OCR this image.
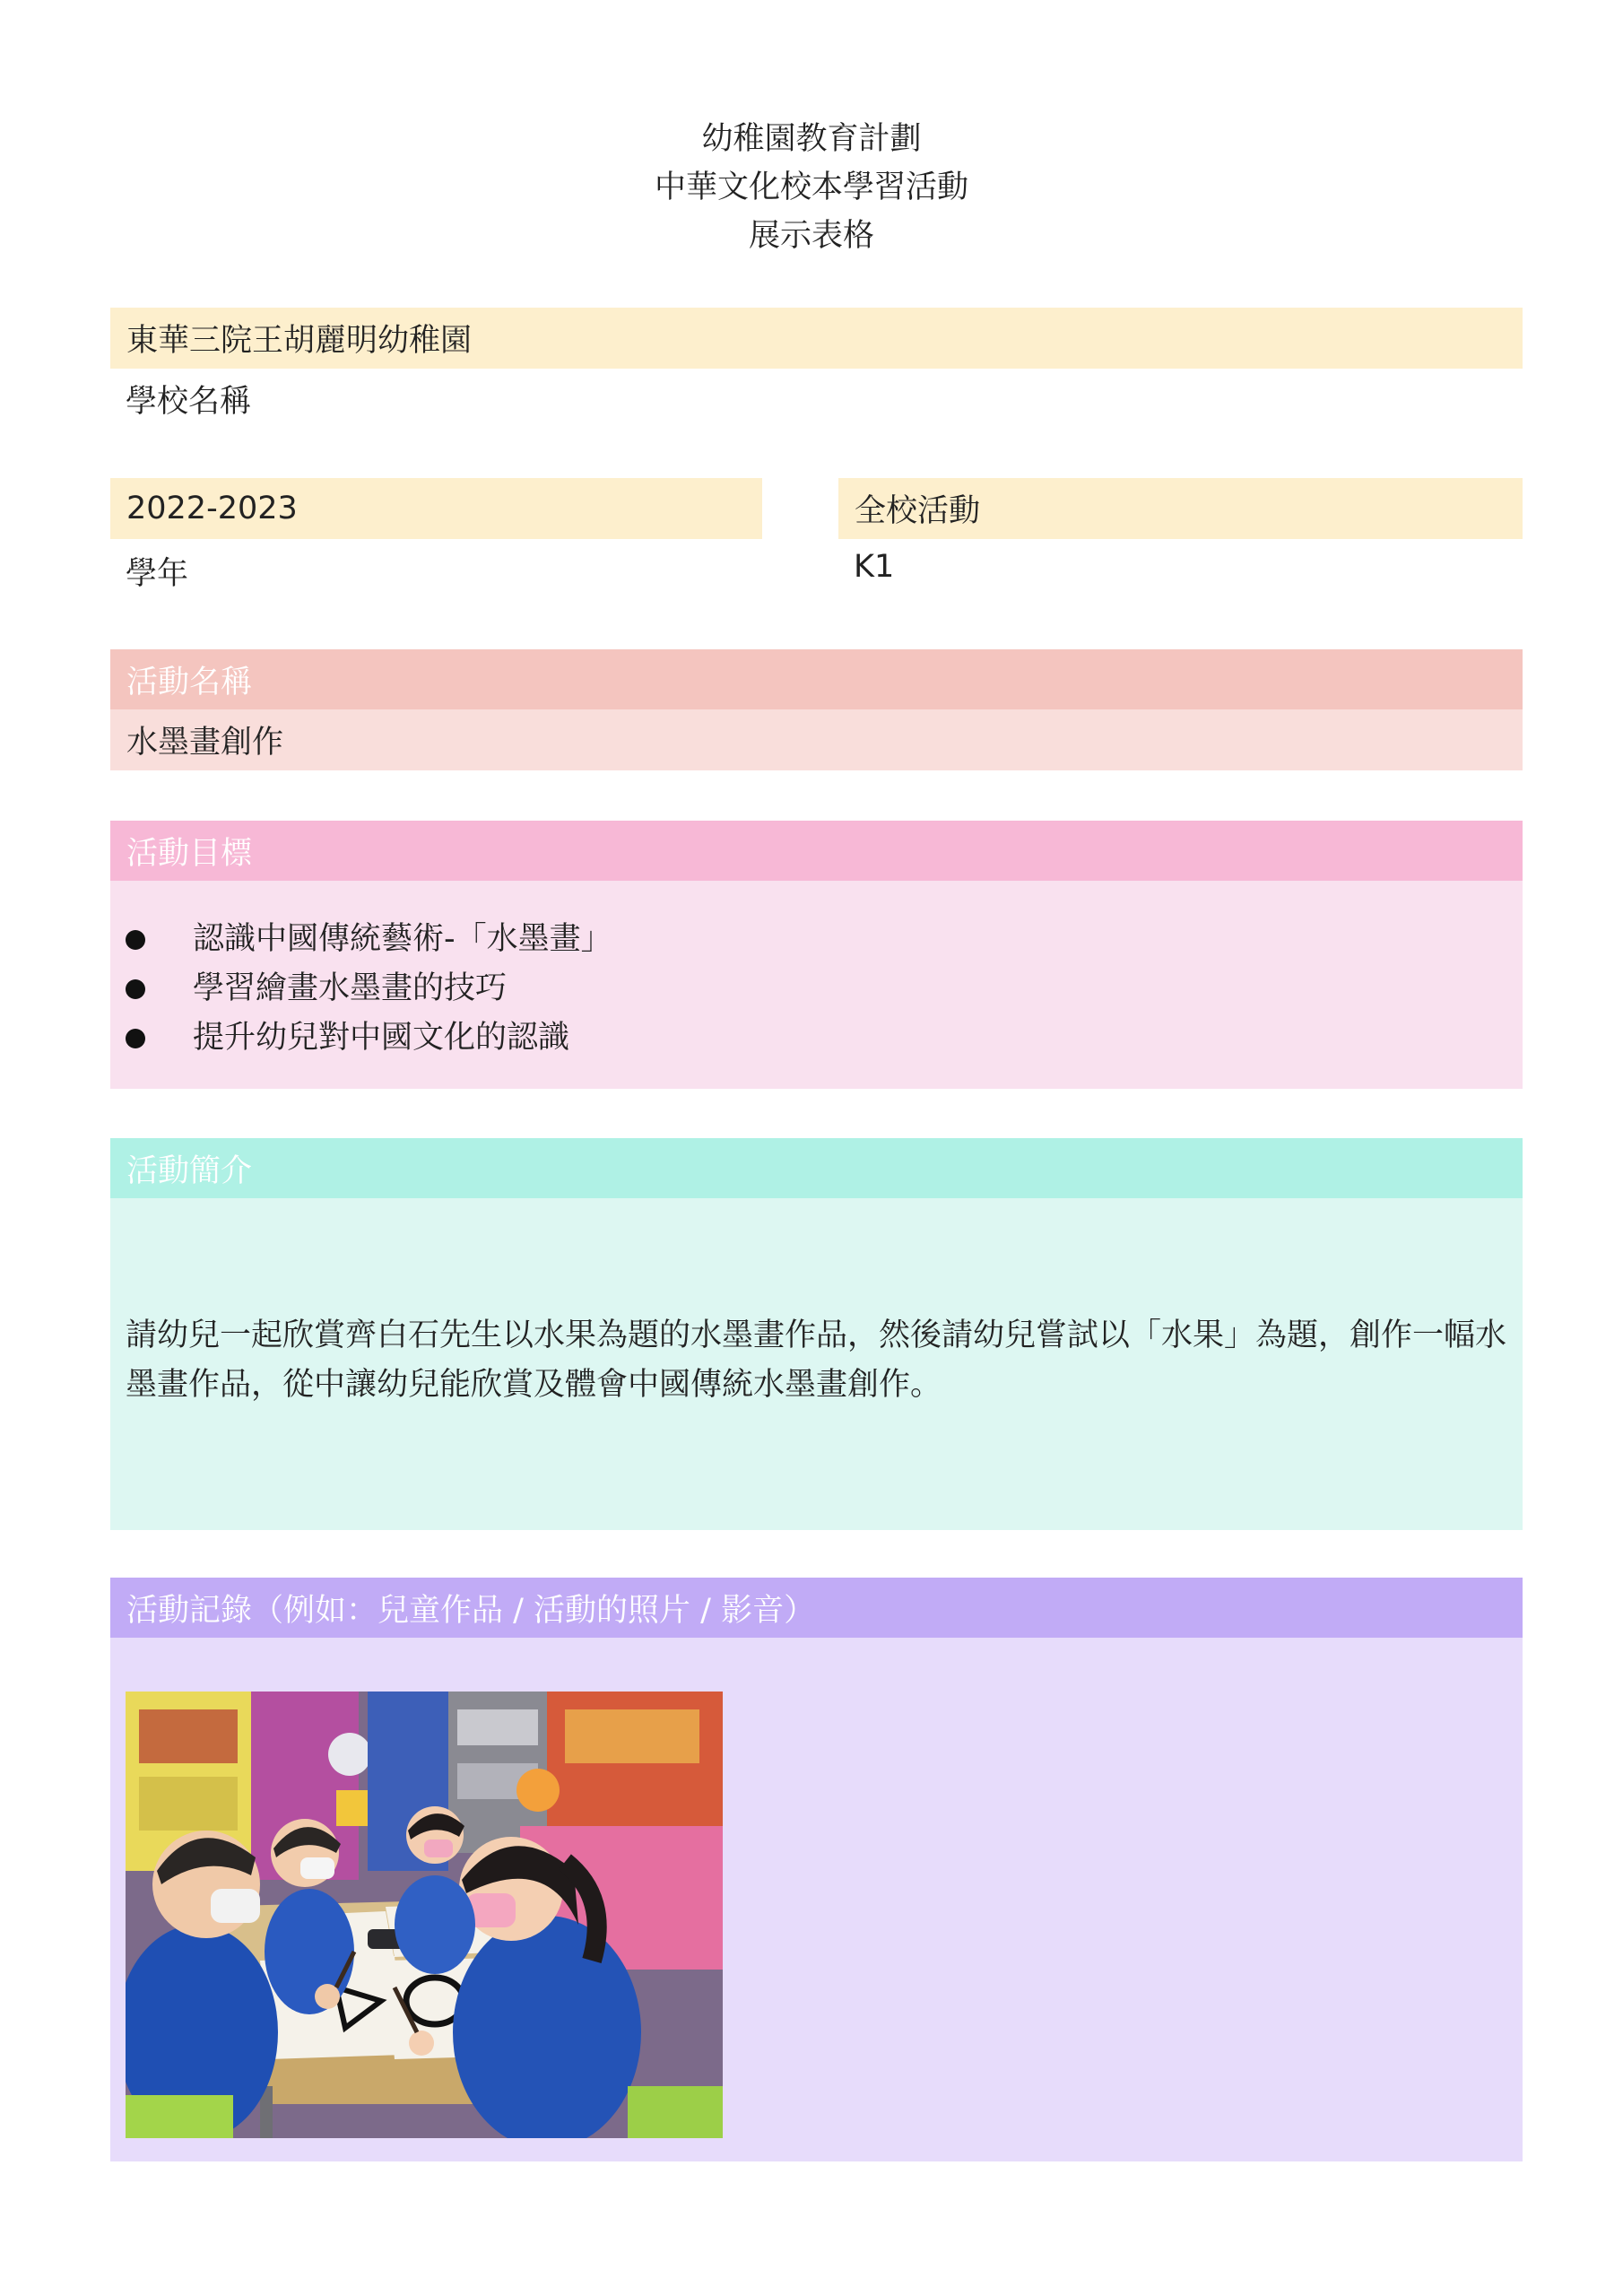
幼稚園教育計劃
中華文化校本學習活動
展示表格
東華三院王胡麗明幼稚園
學校名稱
2022-2023
學年
全校活動
K1
活動名稱
水墨畫創作
活動目標
認識中國傳統藝術-「水墨畫」
學習繪畫水墨畫的技巧
提升幼兒對中國文化的認識
活動簡介
請幼兒一起欣賞齊白石先生以水果為題的水墨畫作品，然後請幼兒嘗試以「水果」為題，創作一幅水墨畫作品，從中讓幼兒能欣賞及體會中國傳統水墨畫創作。
活動記錄（例如：兒童作品 / 活動的照片 / 影音）
